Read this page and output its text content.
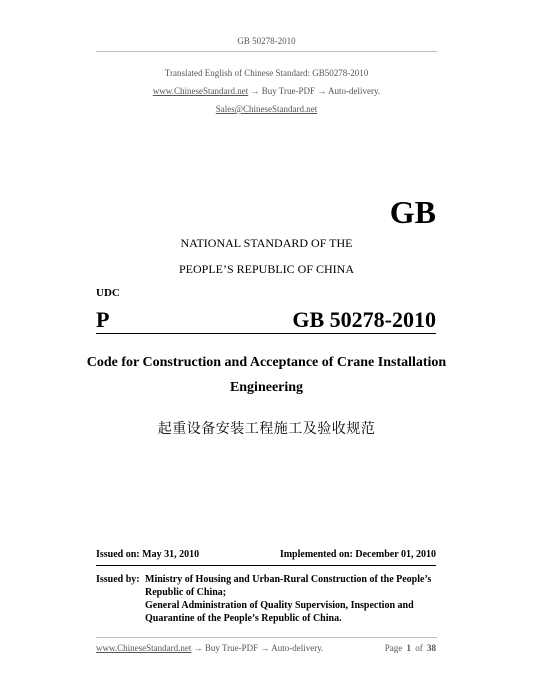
GB 50278-2010
Translated English of Chinese Standard: GB50278-2010
www.ChineseStandard.net → Buy True-PDF → Auto-delivery.
Sales@ChineseStandard.net
GB
NATIONAL STANDARD OF THE
PEOPLE’S REPUBLIC OF CHINA
UDC
P	GB 50278-2010
Code for Construction and Acceptance of Crane Installation
Engineering
起重设备安装工程施工及验收规范
Issued on: May 31, 2010	Implemented on: December 01, 2010
Issued by: Ministry of Housing and Urban-Rural Construction of the People’s
Republic of China;
General Administration of Quality Supervision, Inspection and
Quarantine of the People’s Republic of China.
www.ChineseStandard.net → Buy True-PDF → Auto-delivery.	Page 1 of 38
